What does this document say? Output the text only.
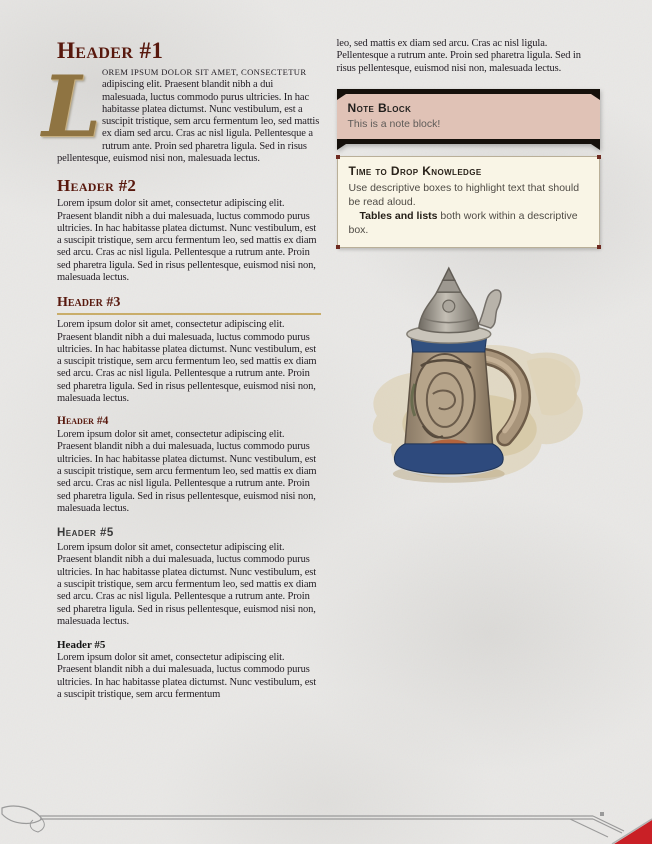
Header #1

L OREM IPSUM DOLOR SIT AMET, CONSECTETUR adipiscing elit. Praesent blandit nibh a dui malesuada, luctus commodo purus ultricies. In hac habitasse platea dictumst. Nunc vestibulum, est a suscipit tristique, sem arcu fermentum leo, sed mattis ex diam sed arcu. Cras ac nisl ligula. Pellentesque a rutrum ante. Proin sed pharetra ligula. Sed in risus pellentesque, euismod nisi non, malesuada lectus.

Header #2

Lorem ipsum dolor sit amet, consectetur adipiscing elit. Praesent blandit nibh a dui malesuada, luctus commodo purus ultricies. In hac habitasse platea dictumst. Nunc vestibulum, est a suscipit tristique, sem arcu fermentum leo, sed mattis ex diam sed arcu. Cras ac nisl ligula. Pellentesque a rutrum ante. Proin sed pharetra ligula. Sed in risus pellentesque, euismod nisi non, malesuada lectus.

Header #3

Lorem ipsum dolor sit amet, consectetur adipiscing elit. Praesent blandit nibh a dui malesuada, luctus commodo purus ultricies. In hac habitasse platea dictumst. Nunc vestibulum, est a suscipit tristique, sem arcu fermentum leo, sed mattis ex diam sed arcu. Cras ac nisl ligula. Pellentesque a rutrum ante. Proin sed pharetra ligula. Sed in risus pellentesque, euismod nisi non, malesuada lectus.

Header #4

Lorem ipsum dolor sit amet, consectetur adipiscing elit. Praesent blandit nibh a dui malesuada, luctus commodo purus ultricies. In hac habitasse platea dictumst. Nunc vestibulum, est a suscipit tristique, sem arcu fermentum leo, sed mattis ex diam sed arcu. Cras ac nisl ligula. Pellentesque a rutrum ante. Proin sed pharetra ligula. Sed in risus pellentesque, euismod nisi non, malesuada lectus.

Header #5

Lorem ipsum dolor sit amet, consectetur adipiscing elit. Praesent blandit nibh a dui malesuada, luctus commodo purus ultricies. In hac habitasse platea dictumst. Nunc vestibulum, est a suscipit tristique, sem arcu fermentum leo, sed mattis ex diam sed arcu. Cras ac nisl ligula. Pellentesque a rutrum ante. Proin sed pharetra ligula. Sed in risus pellentesque, euismod nisi non, malesuada lectus.

Header #5

Lorem ipsum dolor sit amet, consectetur adipiscing elit. Praesent blandit nibh a dui malesuada, luctus commodo purus ultricies. In hac habitasse platea dictumst. Nunc vestibulum, est a suscipit tristique, sem arcu fermentum

leo, sed mattis ex diam sed arcu. Cras ac nisl ligula. Pellentesque a rutrum ante. Proin sed pharetra ligula. Sed in risus pellentesque, euismod nisi non, malesuada lectus.

Note Block
This is a note block!
Time to Drop Knowledge

Use descriptive boxes to highlight text that should be read aloud.

Tables and lists both work within a descriptive box.
